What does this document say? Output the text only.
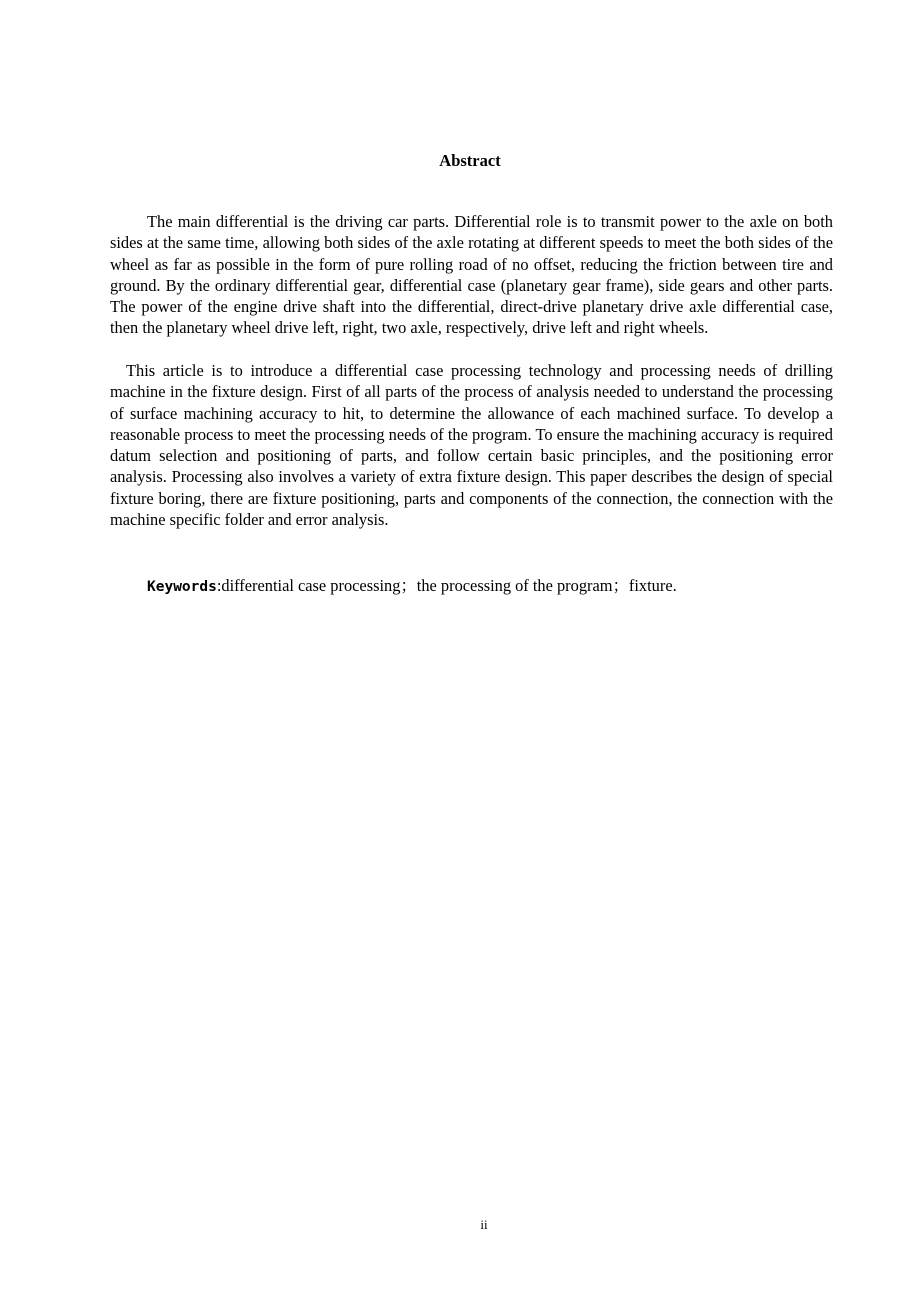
Abstract
The main differential is the driving car parts. Differential role is to transmit power to the axle on both sides at the same time, allowing both sides of the axle rotating at different speeds to meet the both sides of the wheel as far as possible in the form of pure rolling road of no offset, reducing the friction between tire and ground. By the ordinary differential gear, differential case (planetary gear frame), side gears and other parts. The power of the engine drive shaft into the differential, direct-drive planetary drive axle differential case, then the planetary wheel drive left, right, two axle, respectively, drive left and right wheels.
This article is to introduce a differential case processing technology and processing needs of drilling machine in the fixture design. First of all parts of the process of analysis needed to understand the processing of surface machining accuracy to hit, to determine the allowance of each machined surface. To develop a reasonable process to meet the processing needs of the program. To ensure the machining accuracy is required datum selection and positioning of parts, and follow certain basic principles, and the positioning error analysis. Processing also involves a variety of extra fixture design. This paper describes the design of special fixture boring, there are fixture positioning, parts and components of the connection, the connection with the machine specific folder and error analysis.
Keywords:differential case processing；the processing of the program；fixture.
ii
